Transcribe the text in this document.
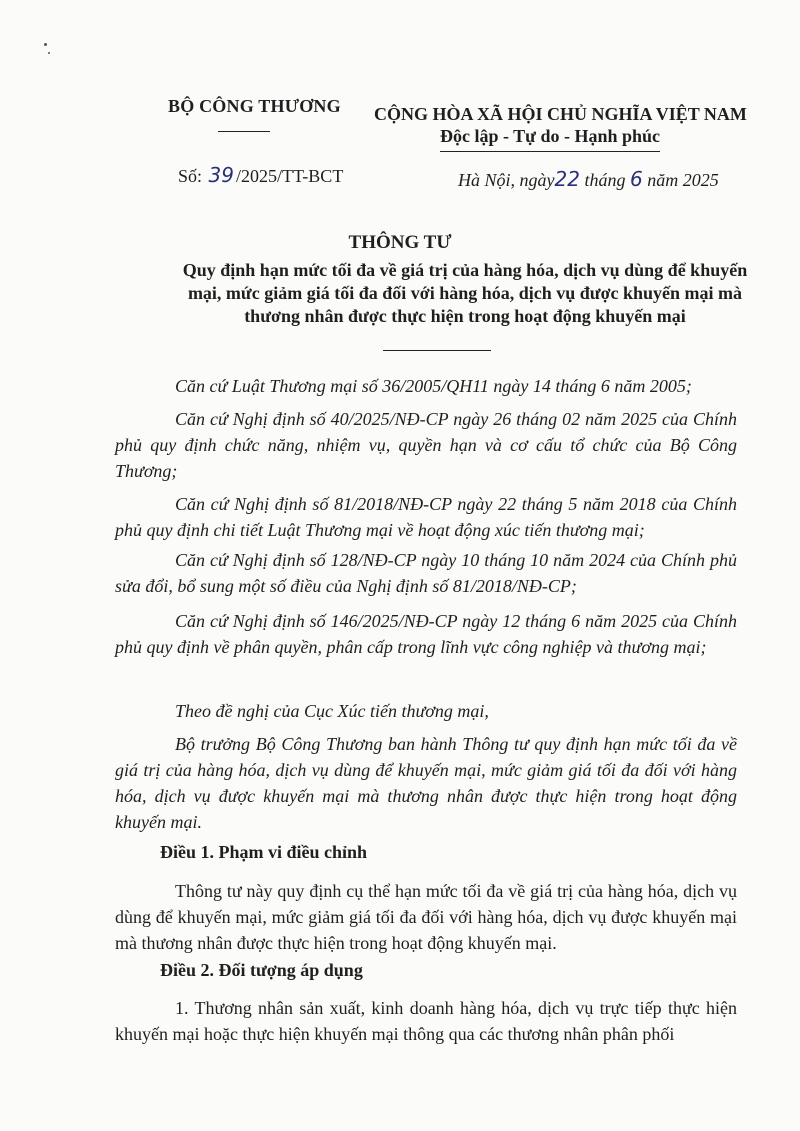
BỘ CÔNG THƯƠNG CỘNG HÒA XÃ HỘI CHỦ NGHĨA VIỆT NAM
Độc lập - Tự do - Hạnh phúc
Số: 39 /2025/TT-BCT	Hà Nội, ngày22 tháng 6 năm 2025
THÔNG TƯ
Quy định hạn mức tối đa về giá trị của hàng hóa, dịch vụ dùng để khuyến mại, mức giảm giá tối đa đối với hàng hóa, dịch vụ được khuyến mại mà thương nhân được thực hiện trong hoạt động khuyến mại
Căn cứ Luật Thương mại số 36/2005/QH11 ngày 14 tháng 6 năm 2005;
Căn cứ Nghị định số 40/2025/NĐ-CP ngày 26 tháng 02 năm 2025 của Chính phủ quy định chức năng, nhiệm vụ, quyền hạn và cơ cấu tổ chức của Bộ Công Thương;
Căn cứ Nghị định số 81/2018/NĐ-CP ngày 22 tháng 5 năm 2018 của Chính phủ quy định chi tiết Luật Thương mại về hoạt động xúc tiến thương mại;
Căn cứ Nghị định số 128/NĐ-CP ngày 10 tháng 10 năm 2024 của Chính phủ sửa đổi, bổ sung một số điều của Nghị định số 81/2018/NĐ-CP;
Căn cứ Nghị định số 146/2025/NĐ-CP ngày 12 tháng 6 năm 2025 của Chính phủ quy định về phân quyền, phân cấp trong lĩnh vực công nghiệp và thương mại;
Theo đề nghị của Cục Xúc tiến thương mại,
Bộ trưởng Bộ Công Thương ban hành Thông tư quy định hạn mức tối đa về giá trị của hàng hóa, dịch vụ dùng để khuyến mại, mức giảm giá tối đa đối với hàng hóa, dịch vụ được khuyến mại mà thương nhân được thực hiện trong hoạt động khuyến mại.
Điều 1. Phạm vi điều chỉnh
Thông tư này quy định cụ thể hạn mức tối đa về giá trị của hàng hóa, dịch vụ dùng để khuyến mại, mức giảm giá tối đa đối với hàng hóa, dịch vụ được khuyến mại mà thương nhân được thực hiện trong hoạt động khuyến mại.
Điều 2. Đối tượng áp dụng
1. Thương nhân sản xuất, kinh doanh hàng hóa, dịch vụ trực tiếp thực hiện khuyến mại hoặc thực hiện khuyến mại thông qua các thương nhân phân phối
